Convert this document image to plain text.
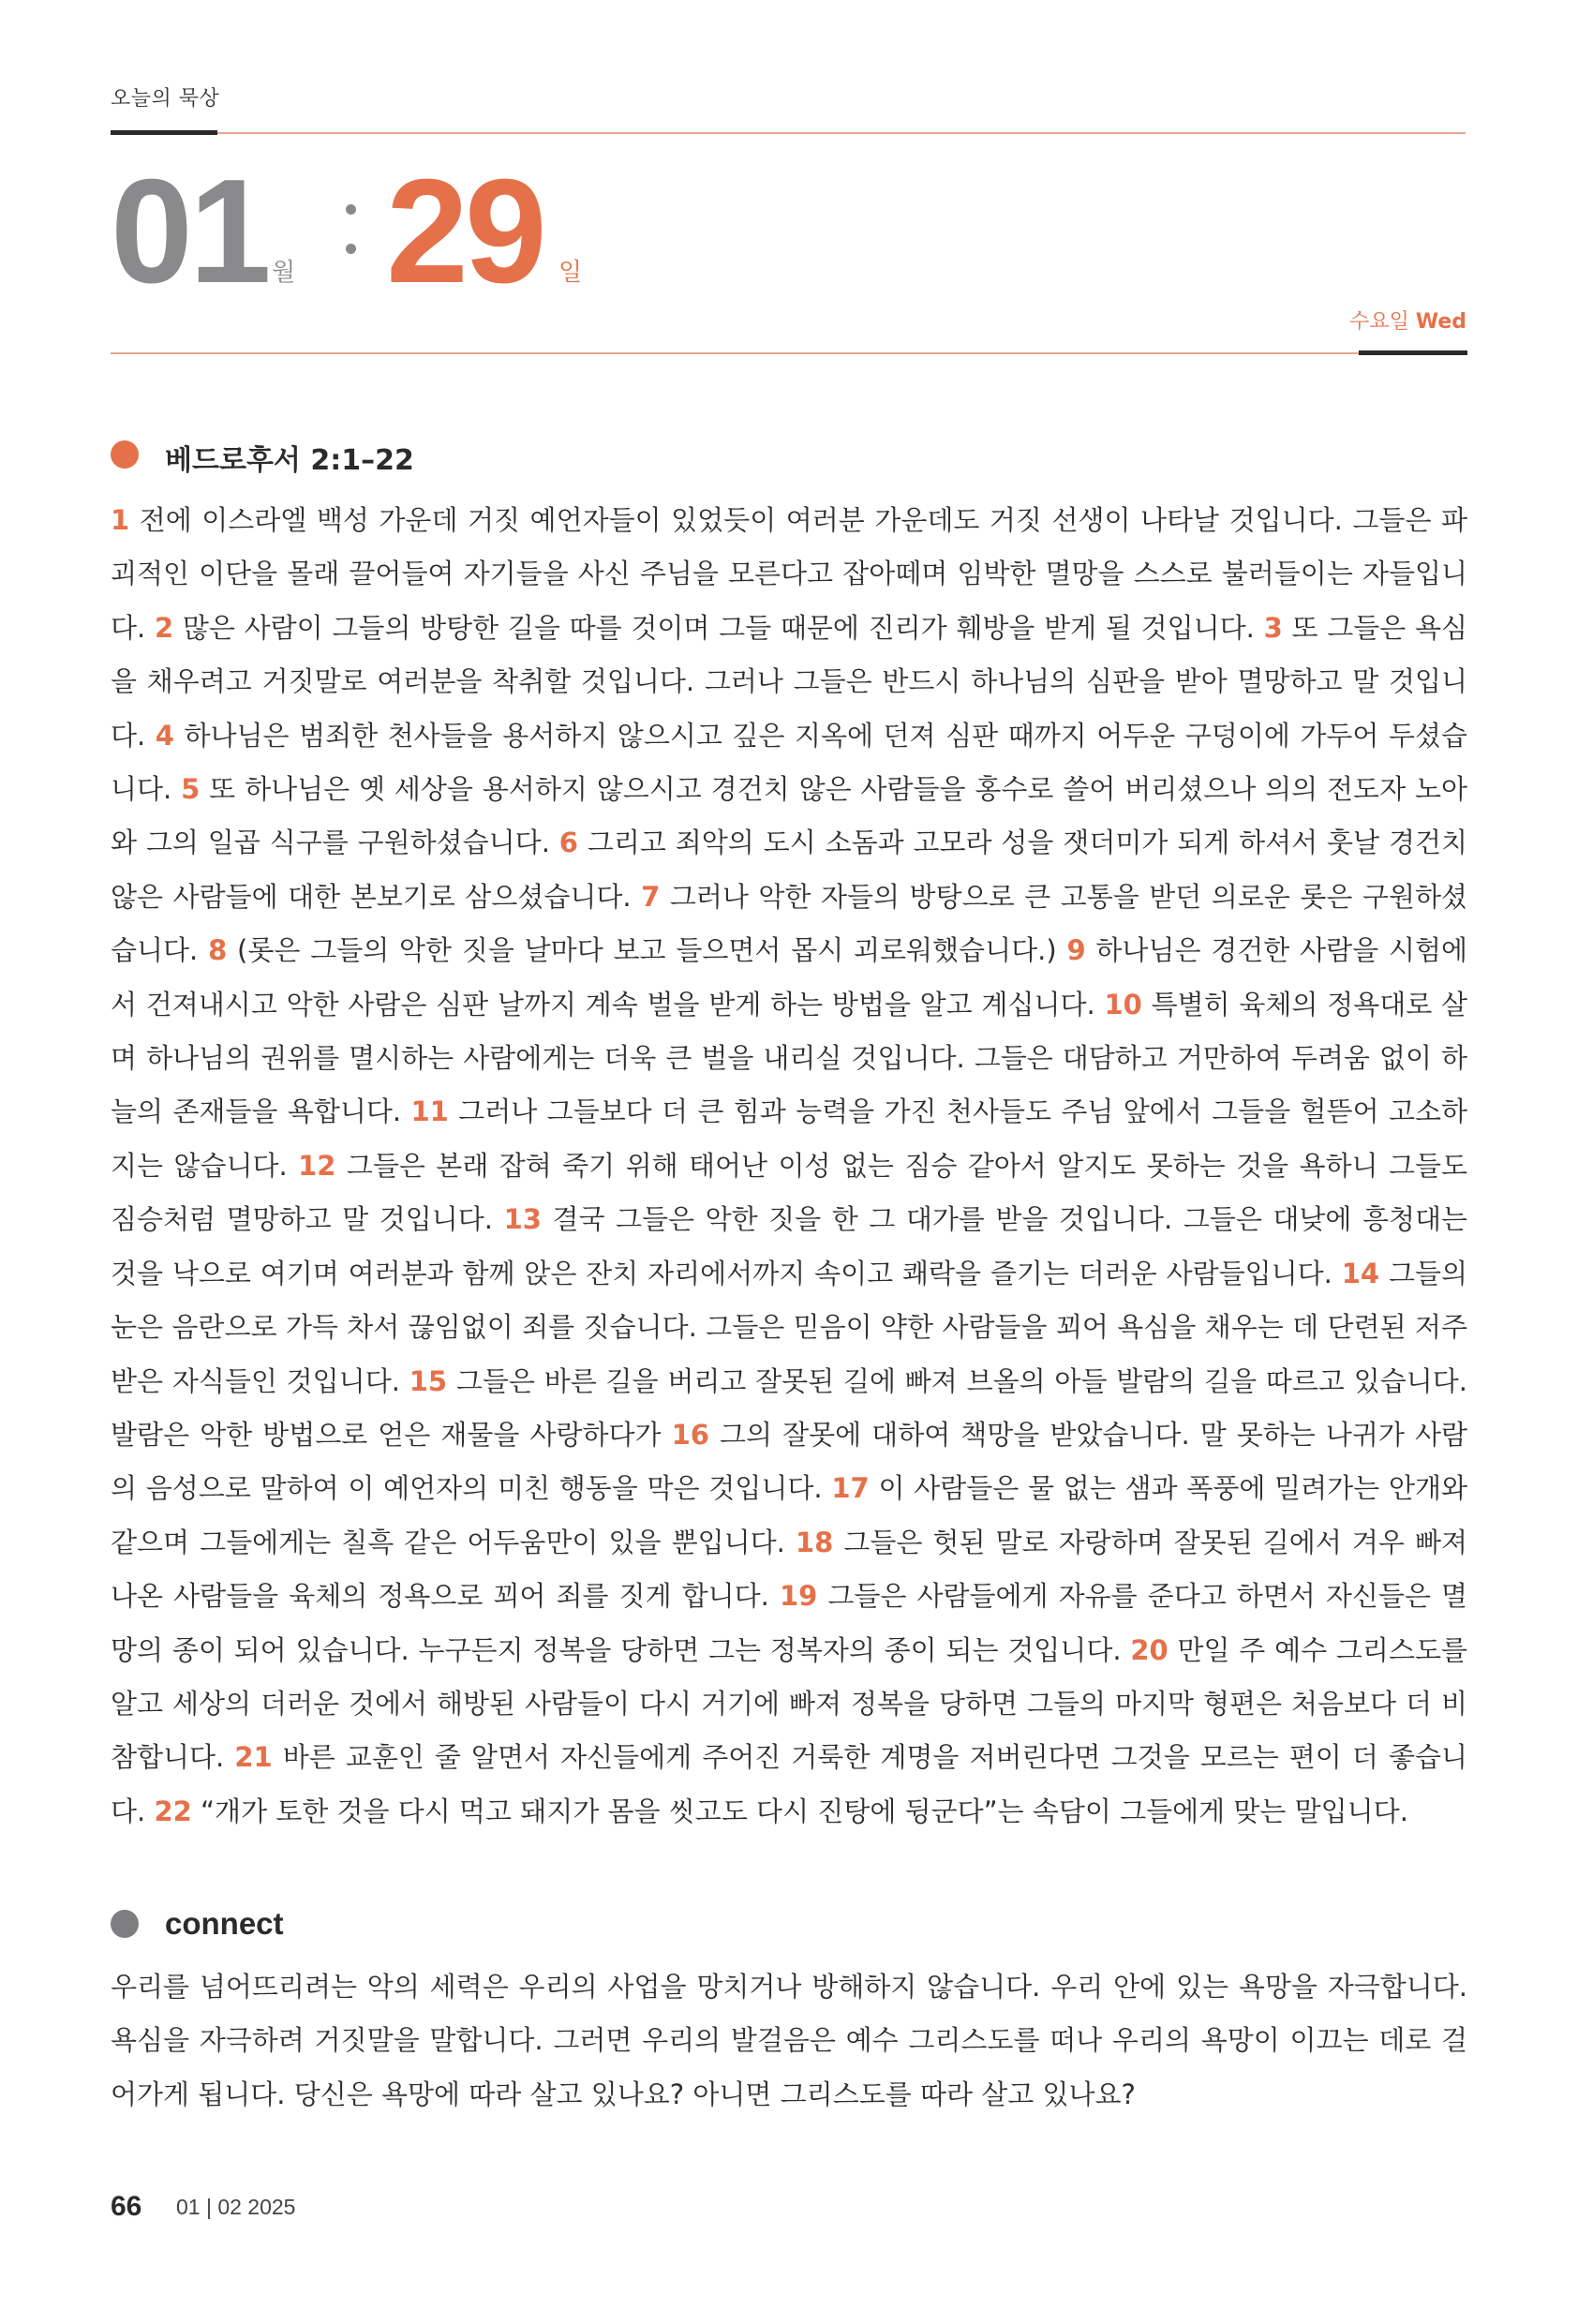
오늘의 묵상
01 월 29 일
수요일 Wed
베드로후서 2:1–22

1 전에 이스라엘 백성 가운데 거짓 예언자들이 있었듯이 여러분 가운데도 거짓 선생이 나타날 것입니다. 그들은 파괴적인 이단을 몰래 끌어들여 자기들을 사신 주님을 모른다고 잡아떼며 임박한 멸망을 스스로 불러들이는 자들입니다. 2 많은 사람이 그들의 방탕한 길을 따를 것이며 그들 때문에 진리가 훼방을 받게 될 것입니다. 3 또 그들은 욕심을 채우려고 거짓말로 여러분을 착취할 것입니다. 그러나 그들은 반드시 하나님의 심판을 받아 멸망하고 말 것입니다. 4 하나님은 범죄한 천사들을 용서하지 않으시고 깊은 지옥에 던져 심판 때까지 어두운 구덩이에 가두어 두셨습니다. 5 또 하나님은 옛 세상을 용서하지 않으시고 경건치 않은 사람들을 홍수로 쓸어 버리셨으나 의의 전도자 노아와 그의 일곱 식구를 구원하셨습니다. 6 그리고 죄악의 도시 소돔과 고모라 성을 잿더미가 되게 하셔서 훗날 경건치 않은 사람들에 대한 본보기로 삼으셨습니다. 7 그러나 악한 자들의 방탕으로 큰 고통을 받던 의로운 롯은 구원하셨습니다. 8 (롯은 그들의 악한 짓을 날마다 보고 들으면서 몹시 괴로워했습니다.) 9 하나님은 경건한 사람을 시험에서 건져내시고 악한 사람은 심판 날까지 계속 벌을 받게 하는 방법을 알고 계십니다. 10 특별히 육체의 정욕대로 살며 하나님의 권위를 멸시하는 사람에게는 더욱 큰 벌을 내리실 것입니다. 그들은 대담하고 거만하여 두려움 없이 하늘의 존재들을 욕합니다. 11 그러나 그들보다 더 큰 힘과 능력을 가진 천사들도 주님 앞에서 그들을 헐뜯어 고소하지는 않습니다. 12 그들은 본래 잡혀 죽기 위해 태어난 이성 없는 짐승 같아서 알지도 못하는 것을 욕하니 그들도 짐승처럼 멸망하고 말 것입니다. 13 결국 그들은 악한 짓을 한 그 대가를 받을 것입니다. 그들은 대낮에 흥청대는 것을 낙으로 여기며 여러분과 함께 앉은 잔치 자리에서까지 속이고 쾌락을 즐기는 더러운 사람들입니다. 14 그들의 눈은 음란으로 가득 차서 끊임없이 죄를 짓습니다. 그들은 믿음이 약한 사람들을 꾀어 욕심을 채우는 데 단련된 저주받은 자식들인 것입니다. 15 그들은 바른 길을 버리고 잘못된 길에 빠져 브올의 아들 발람의 길을 따르고 있습니다. 발람은 악한 방법으로 얻은 재물을 사랑하다가 16 그의 잘못에 대하여 책망을 받았습니다. 말 못하는 나귀가 사람의 음성으로 말하여 이 예언자의 미친 행동을 막은 것입니다. 17 이 사람들은 물 없는 샘과 폭풍에 밀려가는 안개와 같으며 그들에게는 칠흑 같은 어두움만이 있을 뿐입니다. 18 그들은 헛된 말로 자랑하며 잘못된 길에서 겨우 빠져나온 사람들을 육체의 정욕으로 꾀어 죄를 짓게 합니다. 19 그들은 사람들에게 자유를 준다고 하면서 자신들은 멸망의 종이 되어 있습니다. 누구든지 정복을 당하면 그는 정복자의 종이 되는 것입니다. 20 만일 주 예수 그리스도를 알고 세상의 더러운 것에서 해방된 사람들이 다시 거기에 빠져 정복을 당하면 그들의 마지막 형편은 처음보다 더 비참합니다. 21 바른 교훈인 줄 알면서 자신들에게 주어진 거룩한 계명을 저버린다면 그것을 모르는 편이 더 좋습니다. 22 “개가 토한 것을 다시 먹고 돼지가 몸을 씻고도 다시 진탕에 뒹군다”는 속담이 그들에게 맞는 말입니다.

connect

우리를 넘어뜨리려는 악의 세력은 우리의 사업을 망치거나 방해하지 않습니다. 우리 안에 있는 욕망을 자극합니다. 욕심을 자극하려 거짓말을 말합니다. 그러면 우리의 발걸음은 예수 그리스도를 떠나 우리의 욕망이 이끄는 데로 걸어가게 됩니다. 당신은 욕망에 따라 살고 있나요? 아니면 그리스도를 따라 살고 있나요?

66 01 | 02 2025
